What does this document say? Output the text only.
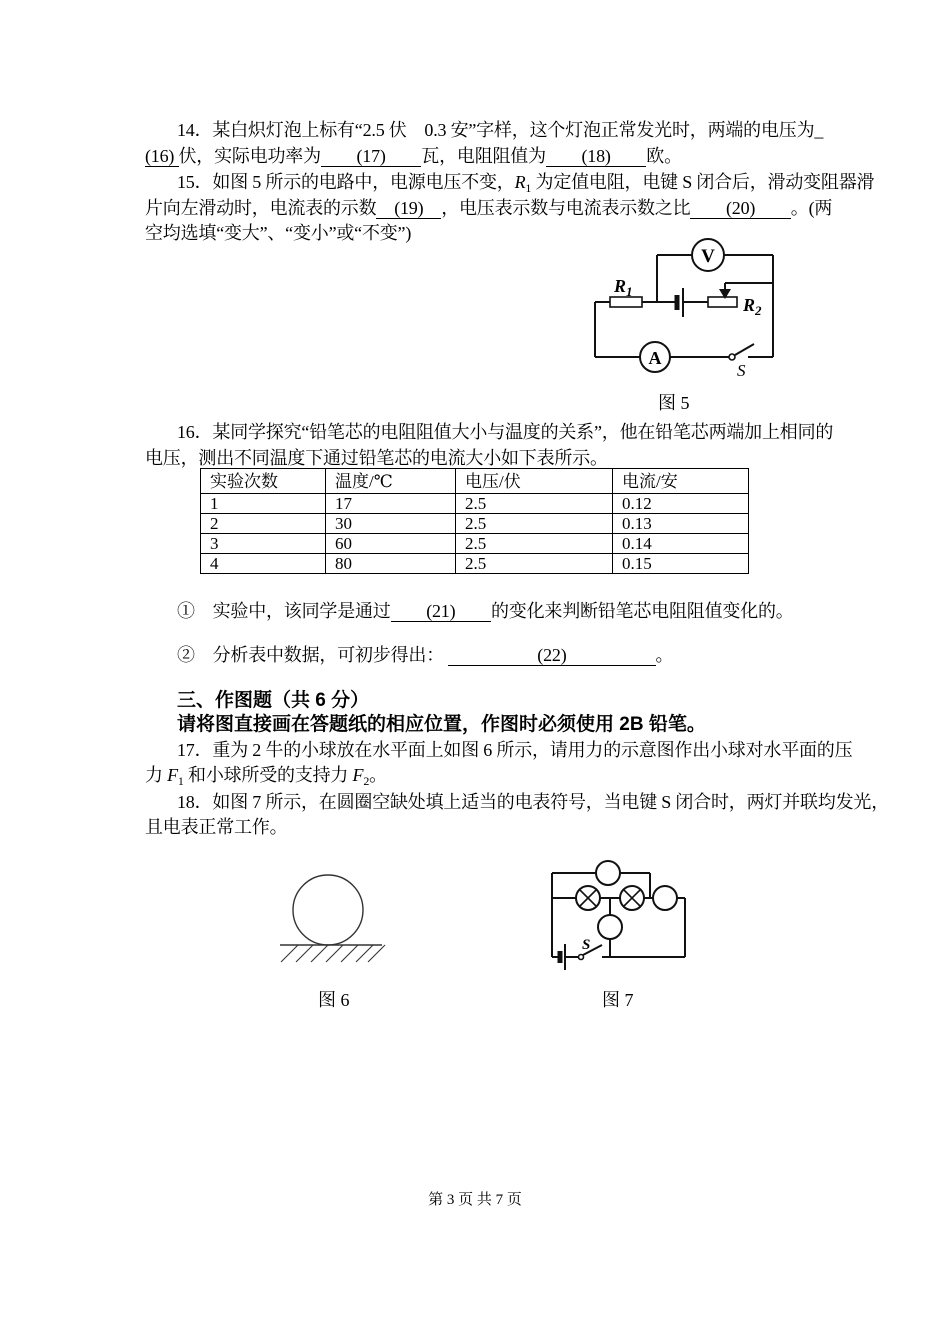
14．某白炽灯泡上标有“2.5 伏　0.3 安”字样，这个灯泡正常发光时，两端的电压为_
(16) 伏，实际电功率为　　(17)　　瓦，电阻阻值为　　(18)　　欧。
15．如图 5 所示的电路中，电源电压不变，$R_1$ 为定值电阻，电键 S 闭合后，滑动变阻器滑
片向左滑动时，电流表的示数　(19)　，电压表示数与电流表示数之比　　(20)　　。(两
空均选填“变大”、“变小”或“不变”)
V
A
S
$R_1$
$R_2$
图 5
16．某同学探究“铅笔芯的电阻阻值大小与温度的关系”，他在铅笔芯两端加上相同的
电压，测出不同温度下通过铅笔芯的电流大小如下表所示。
实验次数	温度/℃	电压/伏	电流/安
1	17	2.5	0.12
2	30	2.5	0.13
3	60	2.5	0.14
4	80	2.5	0.15
①　实验中，该同学是通过　　(21)　　的变化来判断铅笔芯电阻阻值变化的。
②　分析表中数据，可初步得出： 　　　　　(22)　　　　　。
三、作图题（共 6 分）
请将图直接画在答题纸的相应位置，作图时必须使用 2B 铅笔。
17．重为 2 牛的小球放在水平面上如图 6 所示，请用力的示意图作出小球对水平面的压
力 $F_1$ 和小球所受的支持力 $F_2$。
18．如图 7 所示，在圆圈空缺处填上适当的电表符号，当电键 S 闭合时，两灯并联均发光，
且电表正常工作。
图 6
S
图 7
第 3 页 共 7 页
